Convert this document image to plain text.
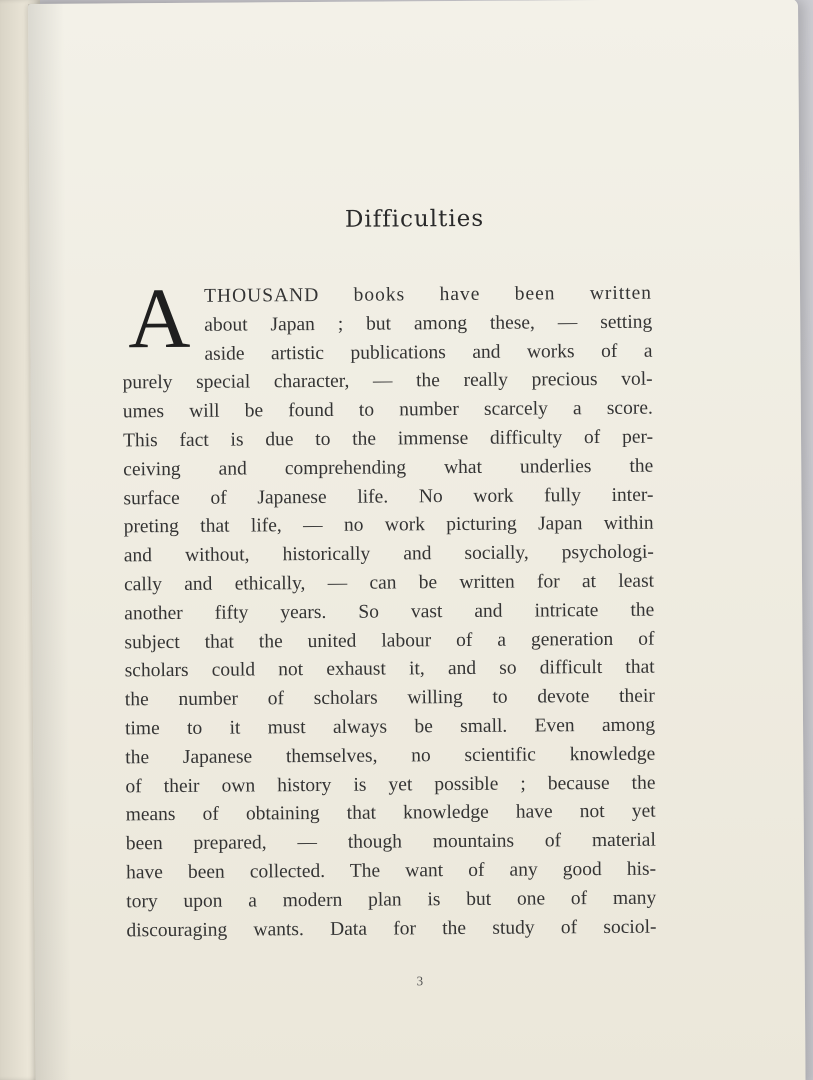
Difficulties
A THOUSAND books have been written
about Japan ; but among these, — setting
aside artistic publications and works of a
purely special character, — the really precious vol-
umes will be found to number scarcely a score.
This fact is due to the immense difficulty of per-
ceiving and comprehending what underlies the
surface of Japanese life. No work fully inter-
preting that life, — no work picturing Japan within
and without, historically and socially, psychologi-
cally and ethically, — can be written for at least
another fifty years. So vast and intricate the
subject that the united labour of a generation of
scholars could not exhaust it, and so difficult that
the number of scholars willing to devote their
time to it must always be small. Even among
the Japanese themselves, no scientific knowledge
of their own history is yet possible ; because the
means of obtaining that knowledge have not yet
been prepared, — though mountains of material
have been collected. The want of any good his-
tory upon a modern plan is but one of many
discouraging wants. Data for the study of sociol-
3
